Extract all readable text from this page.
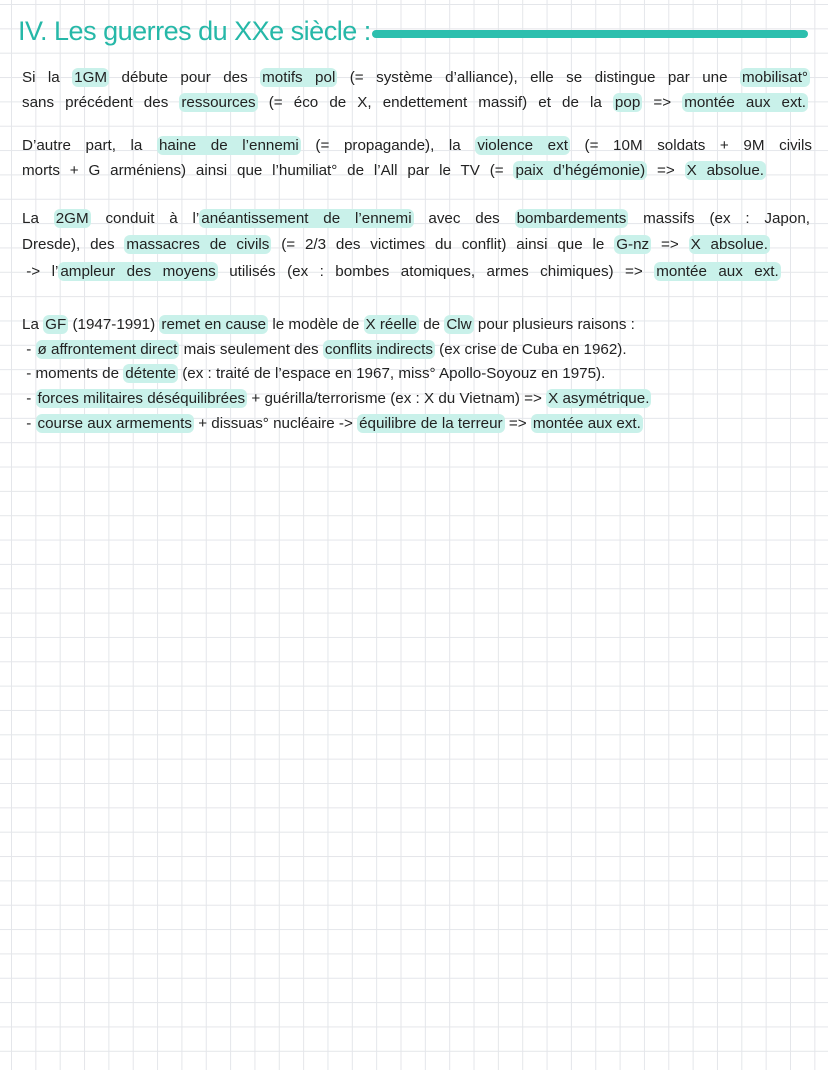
IV. Les guerres du XXe siècle :
Si la 1GM débute pour des motifs pol (= système d’alliance), elle se distingue par une mobilisat°
sans précédent des ressources (= éco de X, endettement massif) et de la pop => montée aux ext.
D’autre part, la haine de l’ennemi (= propagande), la violence ext (= 10M soldats + 9M civils
morts + G arméniens) ainsi que l’humiliat° de l’All par le TV (= paix d’hégémonie) => X absolue.
La 2GM conduit à l’ anéantissement de l’ennemi avec des bombardements massifs (ex : Japon,
Dresde), des massacres de civils (= 2/3 des victimes du conflit) ainsi que le G-nz => X absolue.
-> l’ ampleur des moyens utilisés (ex : bombes atomiques, armes chimiques) => montée aux ext.
La GF (1947-1991) remet en cause le modèle de X réelle de Clw pour plusieurs raisons :
- ø affrontement direct mais seulement des conflits indirects (ex crise de Cuba en 1962).
- moments de détente (ex : traité de l’espace en 1967, miss° Apollo-Soyouz en 1975).
- forces militaires déséquilibrées + guérilla/terrorisme (ex : X du Vietnam) => X asymétrique.
- course aux armements + dissuas° nucléaire -> équilibre de la terreur => montée aux ext.
